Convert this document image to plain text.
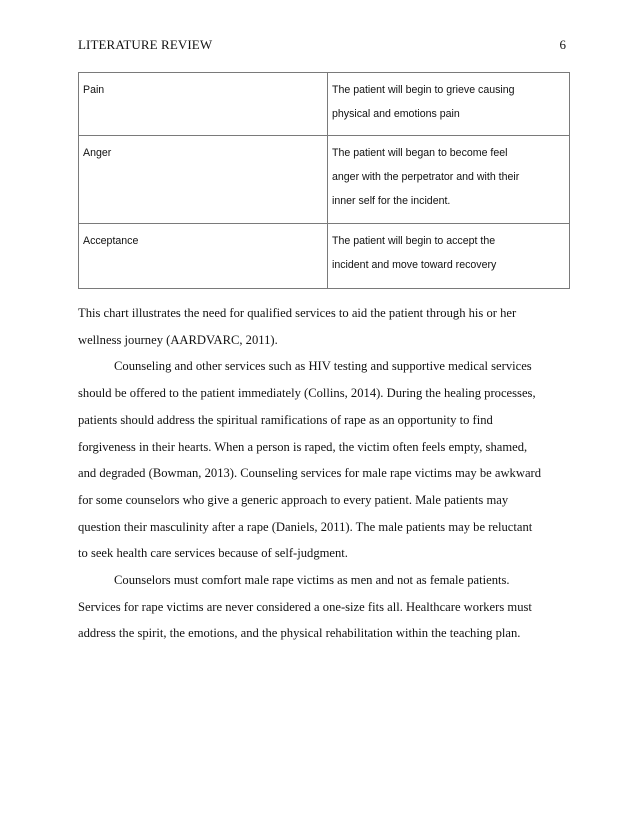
LITERATURE REVIEW	6
Pain	The patient will begin to grieve causing
physical and emotions pain

Anger	The patient will began to become feel
anger with the perpetrator and with their
inner self for the incident.

Acceptance	The patient will begin to accept the
incident and move toward recovery
This chart illustrates the need for qualified services to aid the patient through his or her
wellness journey (AARDVARC, 2011).
Counseling and other services such as HIV testing and supportive medical services
should be offered to the patient immediately (Collins, 2014). During the healing processes,
patients should address the spiritual ramifications of rape as an opportunity to find
forgiveness in their hearts. When a person is raped, the victim often feels empty, shamed,
and degraded (Bowman, 2013). Counseling services for male rape victims may be awkward
for some counselors who give a generic approach to every patient. Male patients may
question their masculinity after a rape (Daniels, 2011). The male patients may be reluctant
to seek health care services because of self-judgment.
Counselors must comfort male rape victims as men and not as female patients.
Services for rape victims are never considered a one-size fits all. Healthcare workers must
address the spirit, the emotions, and the physical rehabilitation within the teaching plan.
